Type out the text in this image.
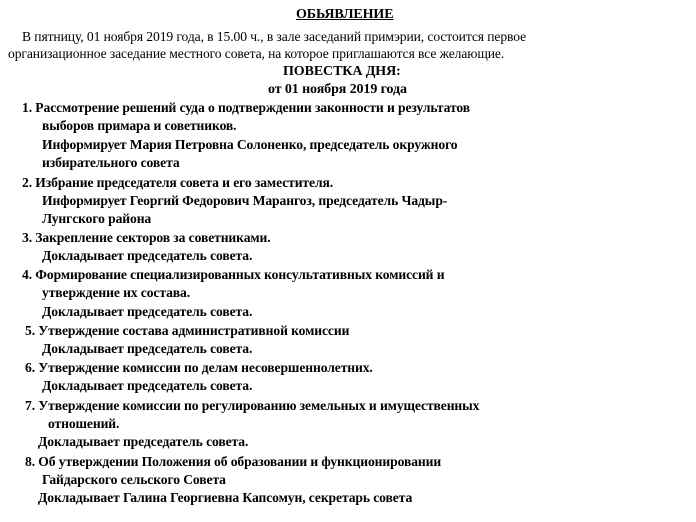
ОБЬЯВЛЕНИЕ
В пятницу, 01 ноября 2019 года, в 15.00 ч., в зале заседаний примэрии, состоится первое
организационное заседание местного совета, на которое приглашаются все желающие.
ПОВЕСТКА ДНЯ:
от 01 ноября 2019 года
1. Рассмотрение решений суда о подтверждении законности и результатов
выборов примара и советников.
Информирует Мария Петровна Солоненко, председатель окружного
избирательного совета
2. Избрание председателя совета и его заместителя.
Информирует Георгий Федорович Марангоз, председатель Чадыр-
Лунгского района
3. Закрепление секторов за советниками.
Докладывает председатель совета.
4. Формирование специализированных консультативных комиссий и
утверждение их состава.
Докладывает председатель совета.
5. Утверждение состава административной комиссии
Докладывает председатель совета.
6. Утверждение комиссии по делам несовершеннолетних.
Докладывает председатель совета.
7. Утверждение комиссии по регулированию земельных и имущественных
отношений.
Докладывает председатель совета.
8. Об утверждении Положения об образовании и функционировании
Гайдарского сельского Совета
Докладывает Галина Георгиевна Капсомун, секретарь совета
